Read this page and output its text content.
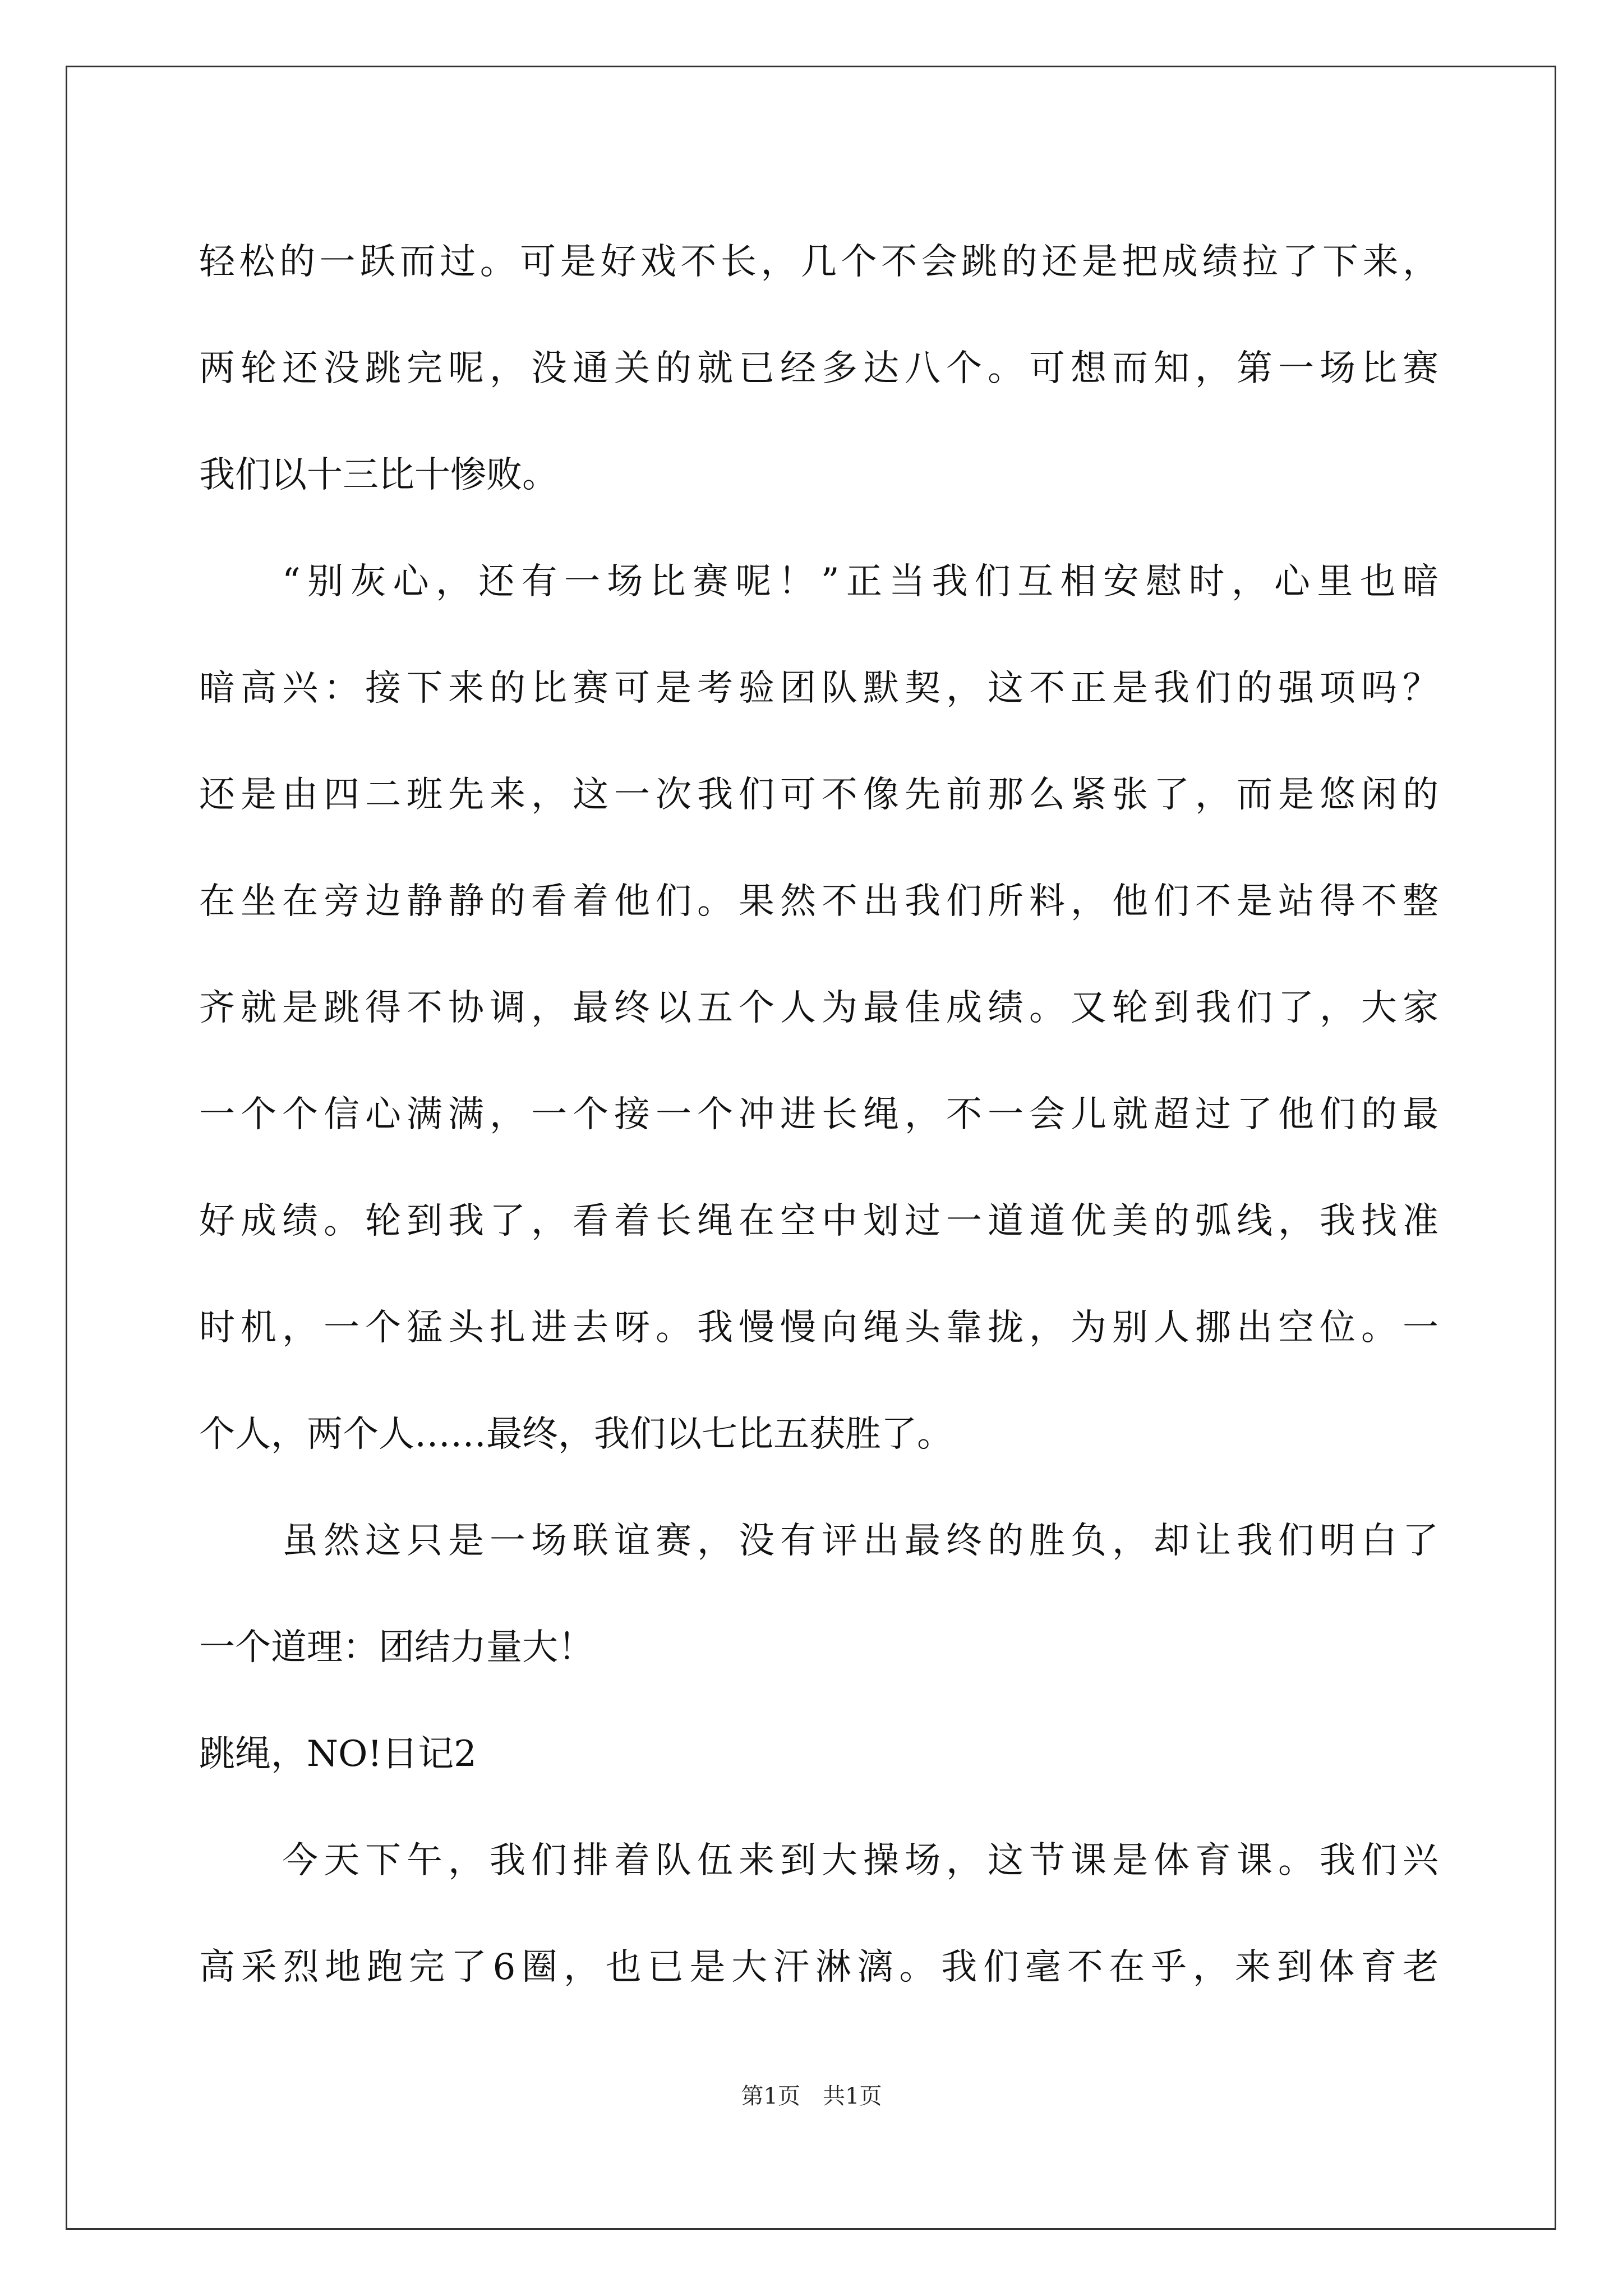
轻松的一跃而过。可是好戏不长，几个不会跳的还是把成绩拉了下来，
两轮还没跳完呢，没通关的就已经多达八个。可想而知，第一场比赛
我们以十三比十惨败。
“别灰心，还有一场比赛呢！”正当我们互相安慰时，心里也暗
暗高兴：接下来的比赛可是考验团队默契，这不正是我们的强项吗？
还是由四二班先来，这一次我们可不像先前那么紧张了，而是悠闲的
在坐在旁边静静的看着他们。果然不出我们所料，他们不是站得不整
齐就是跳得不协调，最终以五个人为最佳成绩。又轮到我们了，大家
一个个信心满满，一个接一个冲进长绳，不一会儿就超过了他们的最
好成绩。轮到我了，看着长绳在空中划过一道道优美的弧线，我找准
时机，一个猛头扎进去呀。我慢慢向绳头靠拢，为别人挪出空位。一
个人，两个人……最终，我们以七比五获胜了。
虽然这只是一场联谊赛，没有评出最终的胜负，却让我们明白了
一个道理：团结力量大！
跳绳，NO!日记2
今天下午，我们排着队伍来到大操场，这节课是体育课。我们兴
高采烈地跑完了6圈，也已是大汗淋漓。我们毫不在乎，来到体育老
第1页　共1页
